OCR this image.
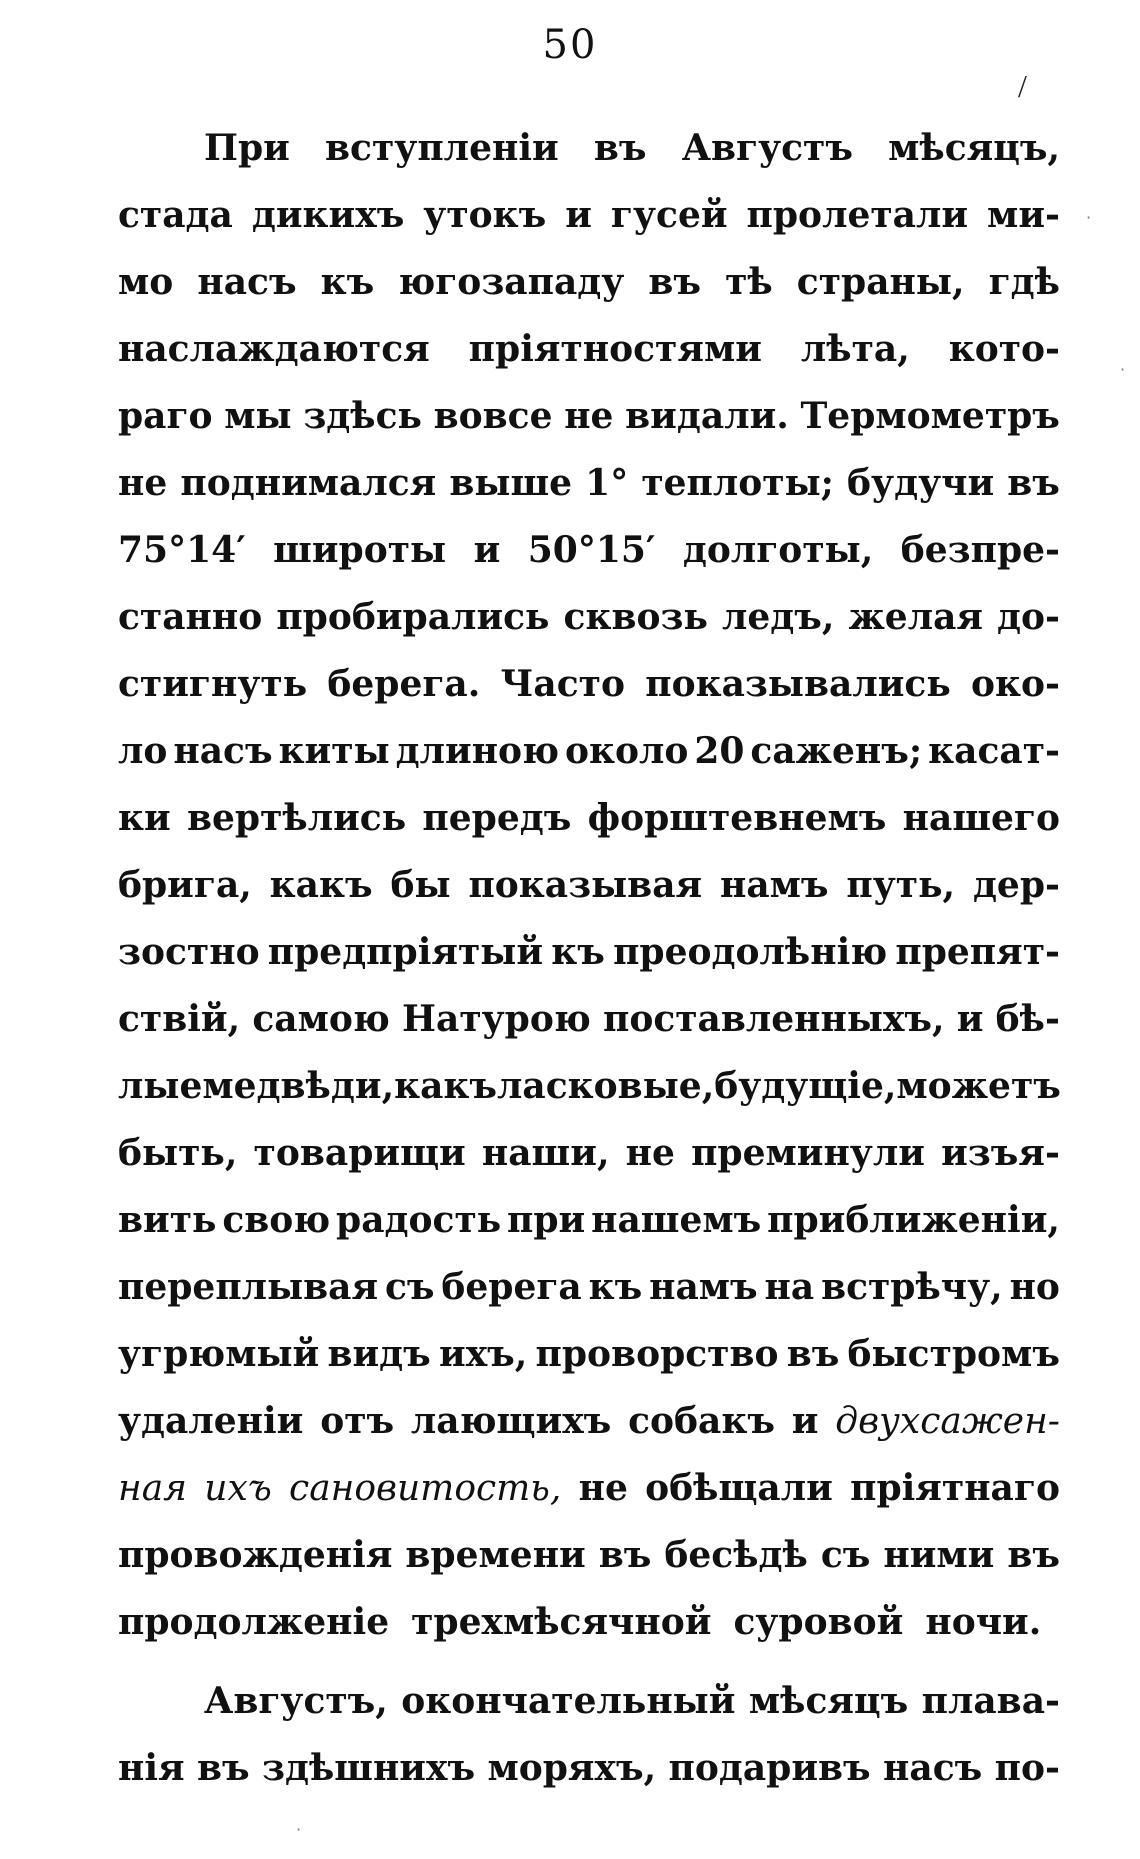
50
/
При вступленіи въ Августъ мѣсяцъ,
стада дикихъ утокъ и гусей пролетали ми-
мо насъ къ югозападу въ тѣ страны, гдѣ
наслаждаются пріятностями лѣта, кото-
раго мы здѣсь вовсе не видали. Термометръ
не поднимался выше 1° теплоты; будучи въ
75°14′ широты и 50°15′ долготы, безпре-
станно пробирались сквозь ледъ, желая до-
стигнуть берега. Часто показывались око-
ло насъ киты длиною около 20 саженъ; касат-
ки вертѣлись передъ форштевнемъ нашего
брига, какъ бы показывая намъ путь, дер-
зостно предпріятый къ преодолѣнію препят-
ствій, самою Натурою поставленныхъ, и бѣ-
лые медвѣди, какъ ласковые, будущіе, можетъ
быть, товарищи наши, не преминули изъя-
вить свою радость при нашемъ приближеніи,
переплывая съ берега къ намъ на встрѣчу, но
угрюмый видъ ихъ, проворство въ быстромъ
удаленіи отъ лающихъ собакъ и двухсажен-
ная ихъ сановитость, не обѣщали пріятнаго
провожденія времени въ бесѣдѣ съ ними въ
продолженіе трехмѣсячной суровой ночи.
Августъ, окончательный мѣсяцъ плава-
нія въ здѣшнихъ моряхъ, подаривъ насъ по-
·
·
·
